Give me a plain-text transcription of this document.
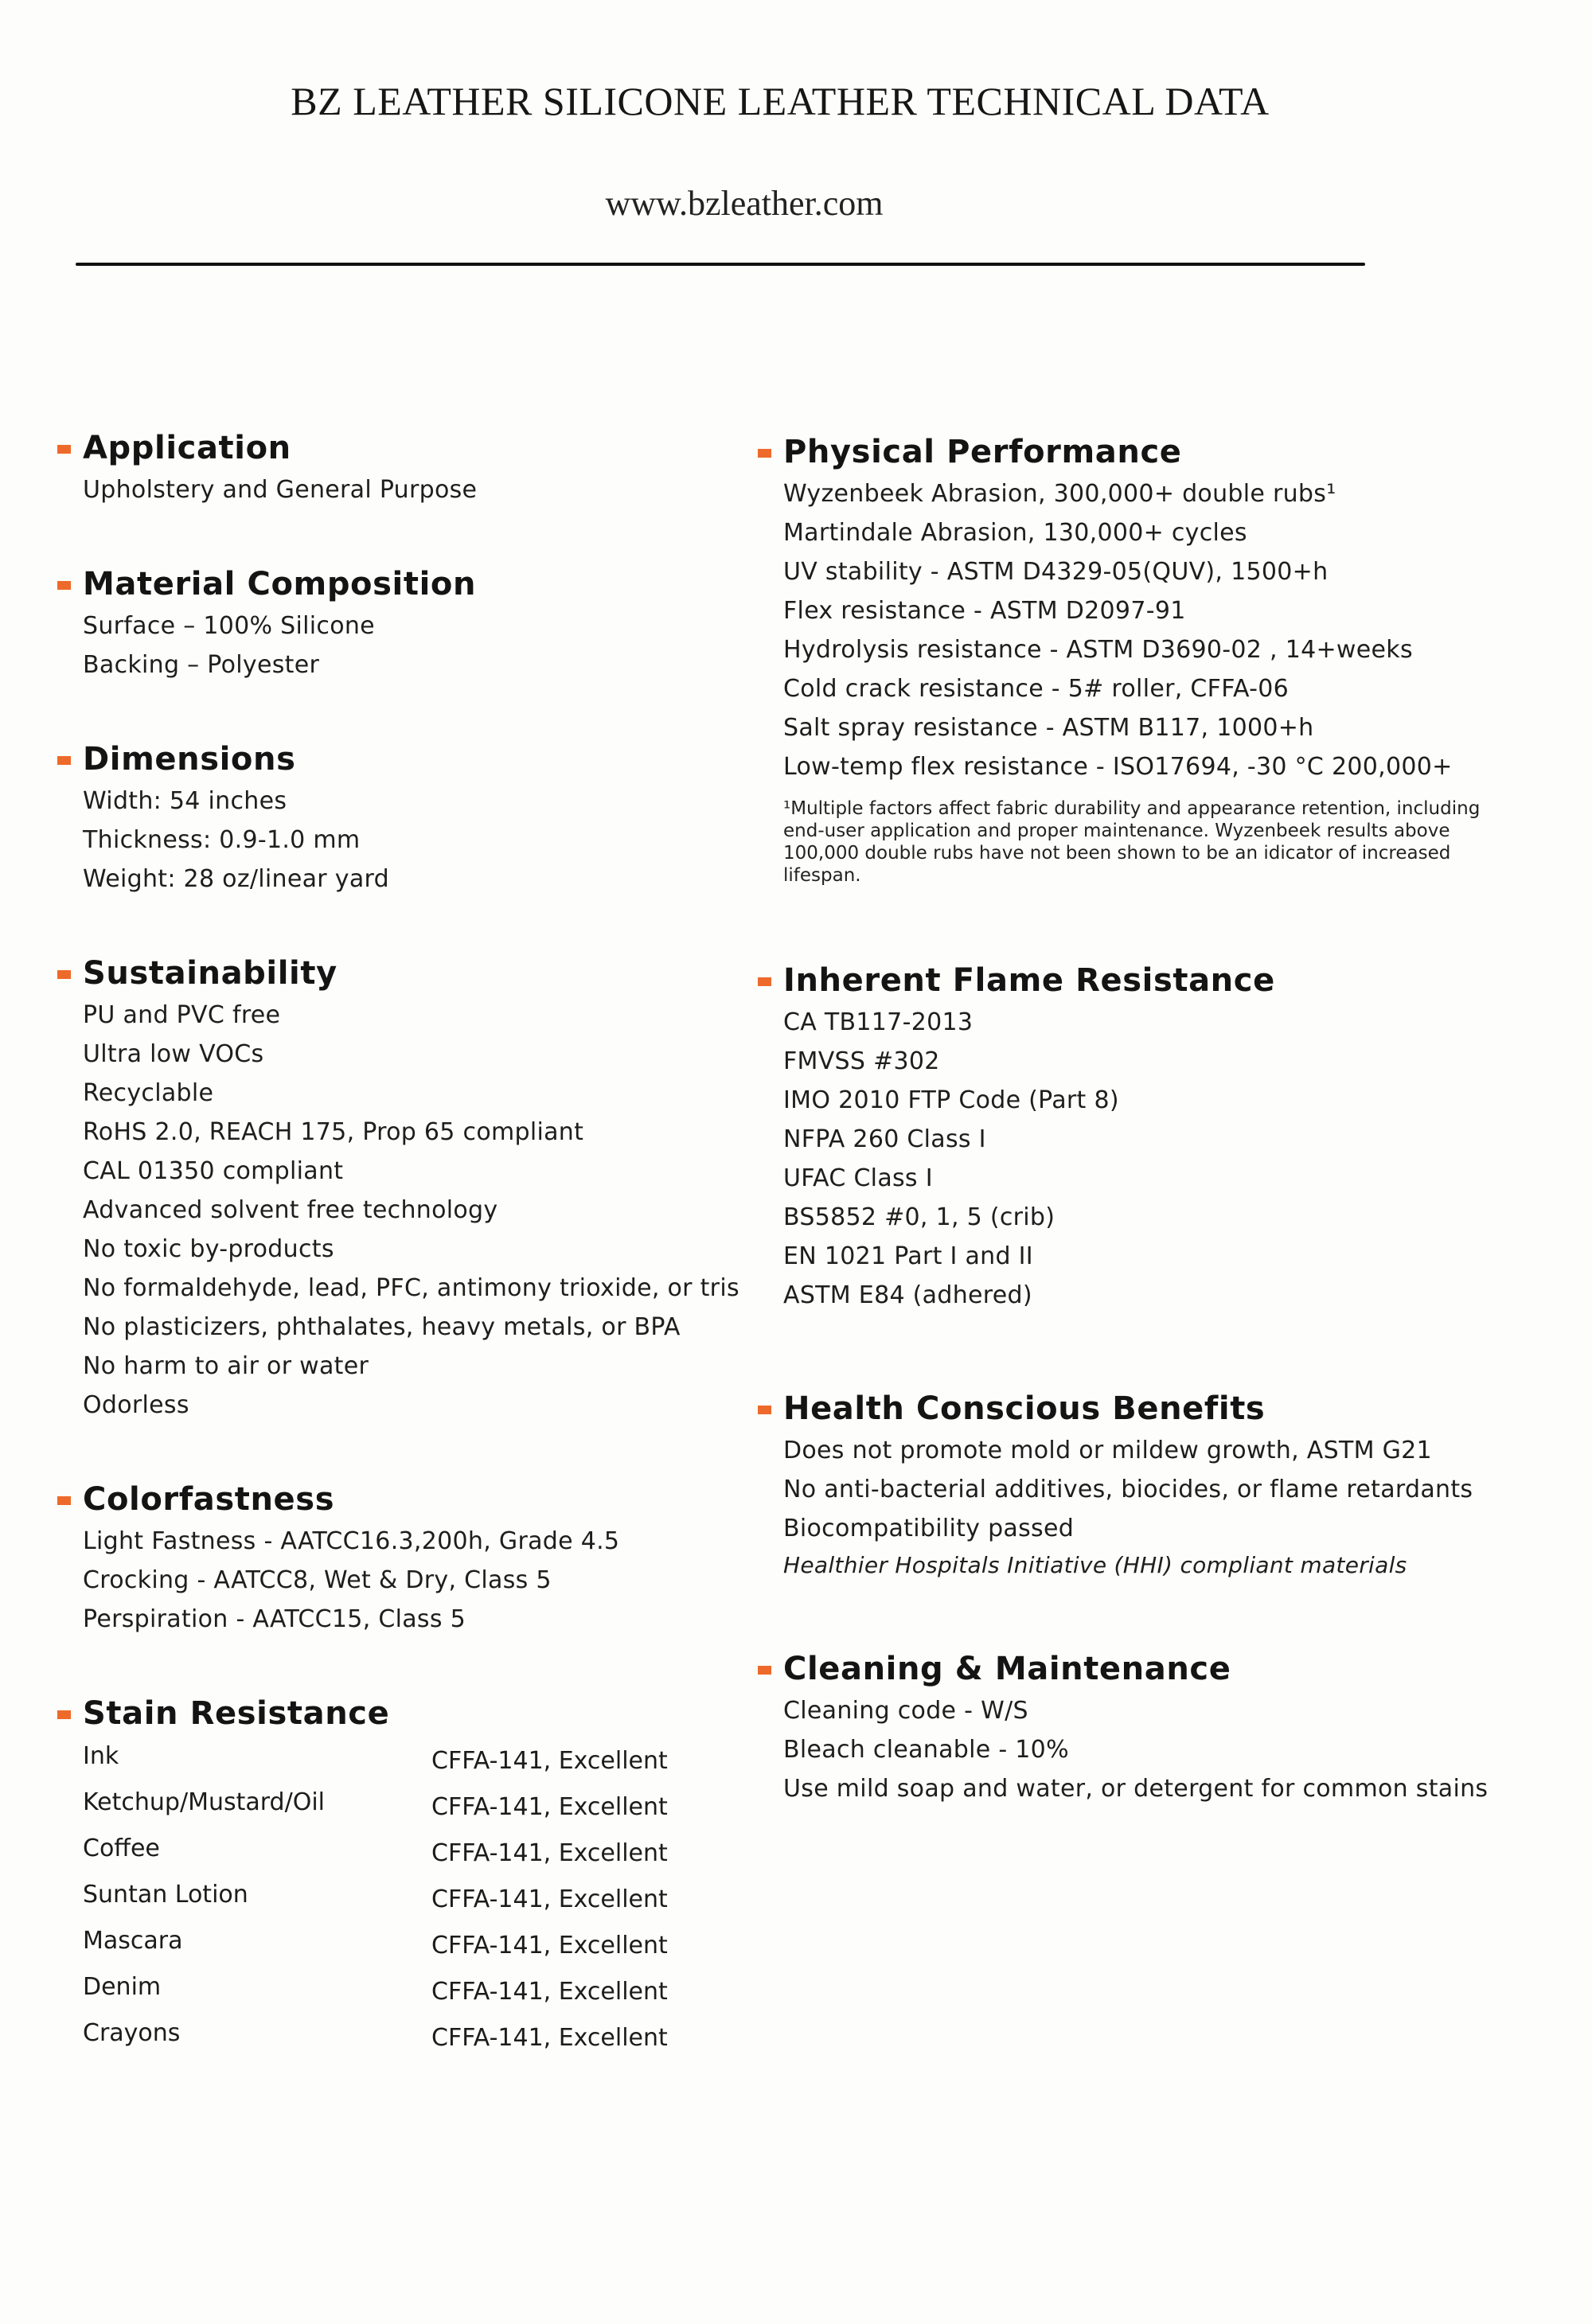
BZ LEATHER SILICONE LEATHER TECHNICAL DATA
www.bzleather.com
Application
Upholstery and General Purpose
Material Composition
Surface – 100% Silicone
Backing – Polyester
Dimensions
Width: 54 inches
Thickness: 0.9-1.0 mm
Weight: 28 oz/linear yard
Sustainability
PU and PVC free
Ultra low VOCs
Recyclable
RoHS 2.0, REACH 175, Prop 65 compliant
CAL 01350 compliant
Advanced solvent free technology
No toxic by-products
No formaldehyde, lead, PFC, antimony trioxide, or tris
No plasticizers, phthalates, heavy metals, or BPA
No harm to air or water
Odorless
Colorfastness
Light Fastness - AATCC16.3,200h, Grade 4.5
Crocking - AATCC8, Wet & Dry, Class 5
Perspiration - AATCC15, Class 5
Stain Resistance
Ink	CFFA-141, Excellent
Ketchup/Mustard/Oil	CFFA-141, Excellent
Coffee	CFFA-141, Excellent
Suntan Lotion	CFFA-141, Excellent
Mascara	CFFA-141, Excellent
Denim	CFFA-141, Excellent
Crayons	CFFA-141, Excellent
Physical Performance
Wyzenbeek Abrasion, 300,000+ double rubs¹
Martindale Abrasion, 130,000+ cycles
UV stability - ASTM D4329-05(QUV), 1500+h
Flex resistance - ASTM D2097-91
Hydrolysis resistance - ASTM D3690-02 , 14+weeks
Cold crack resistance - 5# roller, CFFA-06
Salt spray resistance - ASTM B117, 1000+h
Low-temp flex resistance - ISO17694, -30 °C 200,000+
¹Multiple factors affect fabric durability and appearance retention, including end-user application and proper maintenance. Wyzenbeek results above 100,000 double rubs have not been shown to be an idicator of increased lifespan.
Inherent Flame Resistance
CA TB117-2013
FMVSS #302
IMO 2010 FTP Code (Part 8)
NFPA 260 Class I
UFAC Class I
BS5852 #0, 1, 5 (crib)
EN 1021 Part I and II
ASTM E84 (adhered)
Health Conscious Benefits
Does not promote mold or mildew growth, ASTM G21
No anti-bacterial additives, biocides, or flame retardants
Biocompatibility passed
Healthier Hospitals Initiative (HHI) compliant materials
Cleaning & Maintenance
Cleaning code - W/S
Bleach cleanable - 10%
Use mild soap and water, or detergent for common stains
